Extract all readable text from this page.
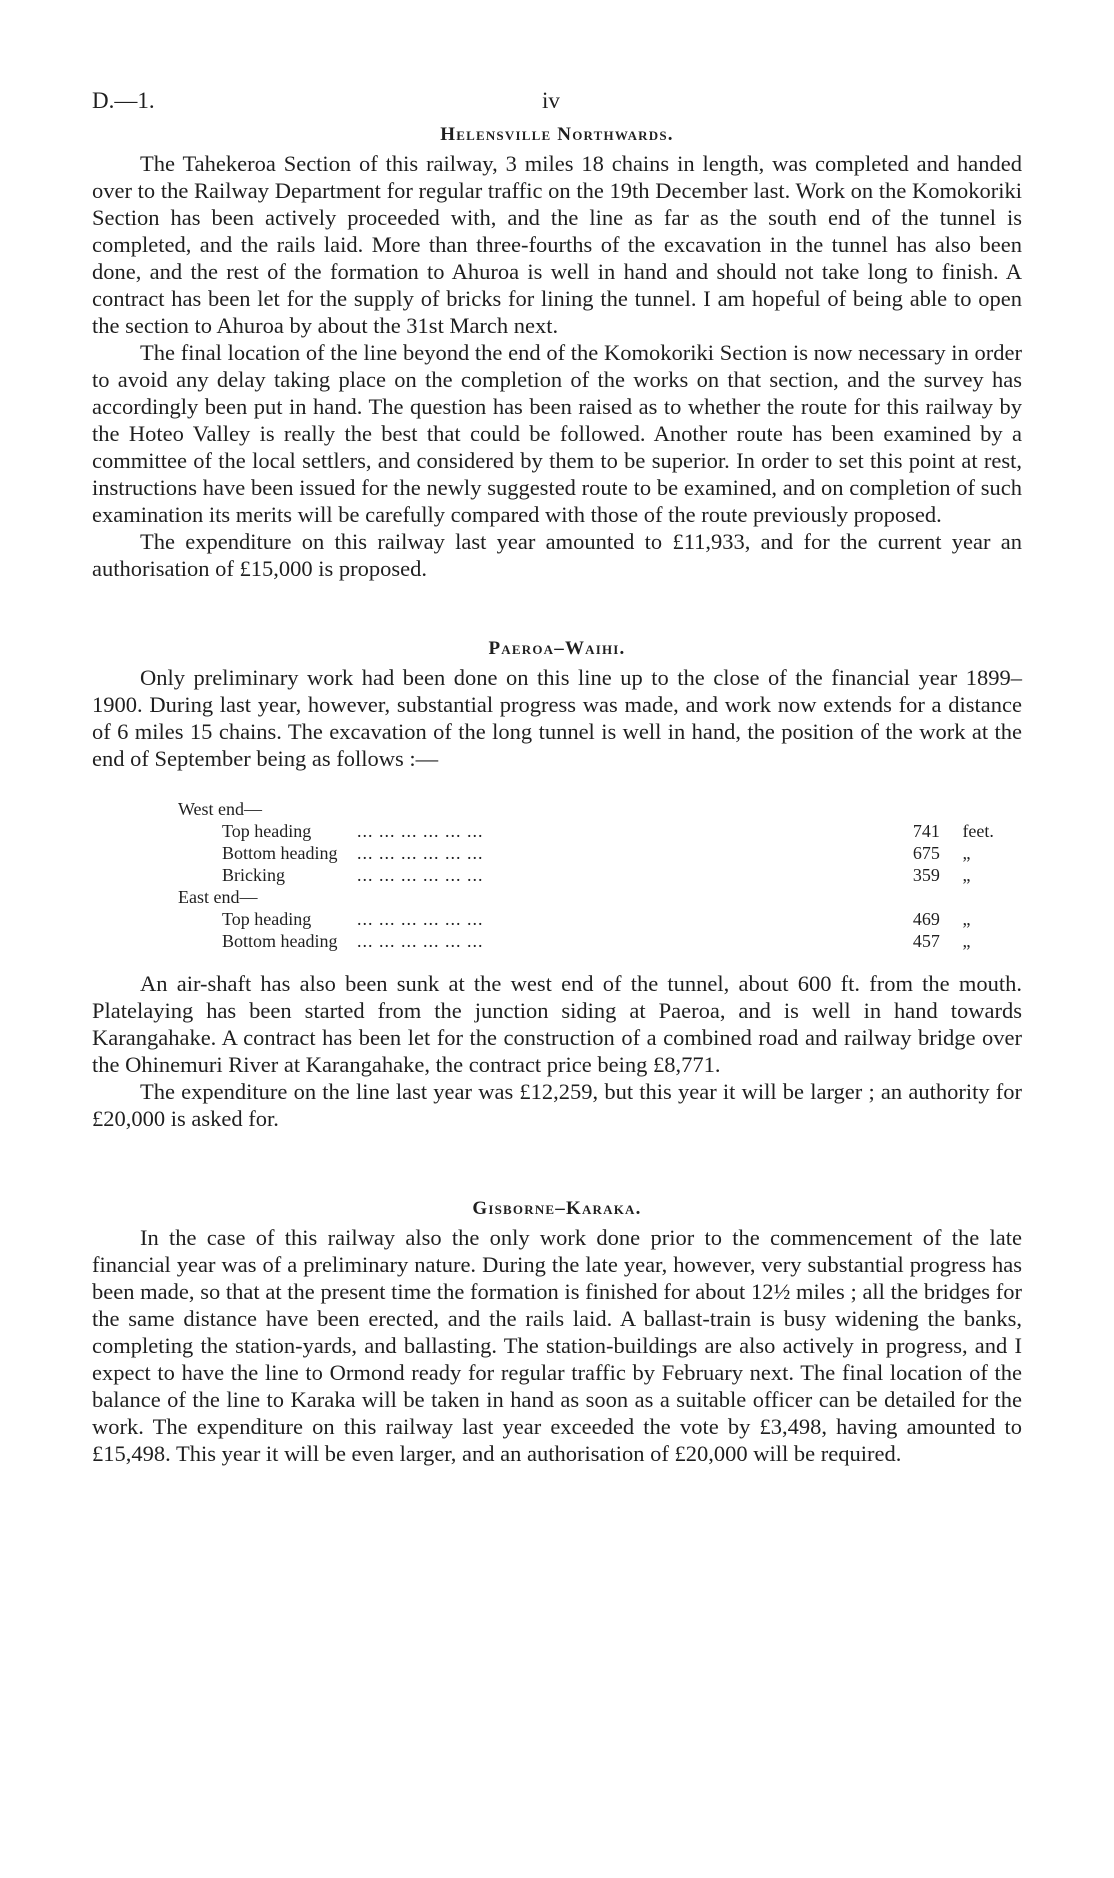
D.—1.	iv
Helensville Northwards.

The Tahekeroa Section of this railway, 3 miles 18 chains in length, was completed and handed over to the Railway Department for regular traffic on the 19th December last. Work on the Komokoriki Section has been actively proceeded with, and the line as far as the south end of the tunnel is completed, and the rails laid. More than three-fourths of the excavation in the tunnel has also been done, and the rest of the formation to Ahuroa is well in hand and should not take long to finish. A contract has been let for the supply of bricks for lining the tunnel. I am hopeful of being able to open the section to Ahuroa by about the 31st March next.

The final location of the line beyond the end of the Komokoriki Section is now necessary in order to avoid any delay taking place on the completion of the works on that section, and the survey has accordingly been put in hand. The question has been raised as to whether the route for this railway by the Hoteo Valley is really the best that could be followed. Another route has been examined by a committee of the local settlers, and considered by them to be superior. In order to set this point at rest, instructions have been issued for the newly suggested route to be examined, and on completion of such examination its merits will be carefully compared with those of the route previously proposed.

The expenditure on this railway last year amounted to £11,933, and for the current year an authorisation of £15,000 is proposed.

Paeroa–Waihi.

Only preliminary work had been done on this line up to the close of the financial year 1899–1900. During last year, however, substantial progress was made, and work now extends for a distance of 6 miles 15 chains. The excavation of the long tunnel is well in hand, the position of the work at the end of September being as follows :—

West end—
Top heading	... ... ... ... ... ...	741	feet.
Bottom heading	... ... ... ... ... ...	675	„
Bricking	... ... ... ... ... ...	359	„
East end—
Top heading	... ... ... ... ... ...	469	„
Bottom heading	... ... ... ... ... ...	457	„

An air-shaft has also been sunk at the west end of the tunnel, about 600 ft. from the mouth. Platelaying has been started from the junction siding at Paeroa, and is well in hand towards Karangahake. A contract has been let for the construction of a combined road and railway bridge over the Ohinemuri River at Karangahake, the contract price being £8,771.

The expenditure on the line last year was £12,259, but this year it will be larger ; an authority for £20,000 is asked for.

Gisborne–Karaka.

In the case of this railway also the only work done prior to the commencement of the late financial year was of a preliminary nature. During the late year, however, very substantial progress has been made, so that at the present time the formation is finished for about 12½ miles ; all the bridges for the same distance have been erected, and the rails laid. A ballast-train is busy widening the banks, completing the station-yards, and ballasting. The station-buildings are also actively in progress, and I expect to have the line to Ormond ready for regular traffic by February next. The final location of the balance of the line to Karaka will be taken in hand as soon as a suitable officer can be detailed for the work. The expenditure on this railway last year exceeded the vote by £3,498, having amounted to £15,498. This year it will be even larger, and an authorisation of £20,000 will be required.
